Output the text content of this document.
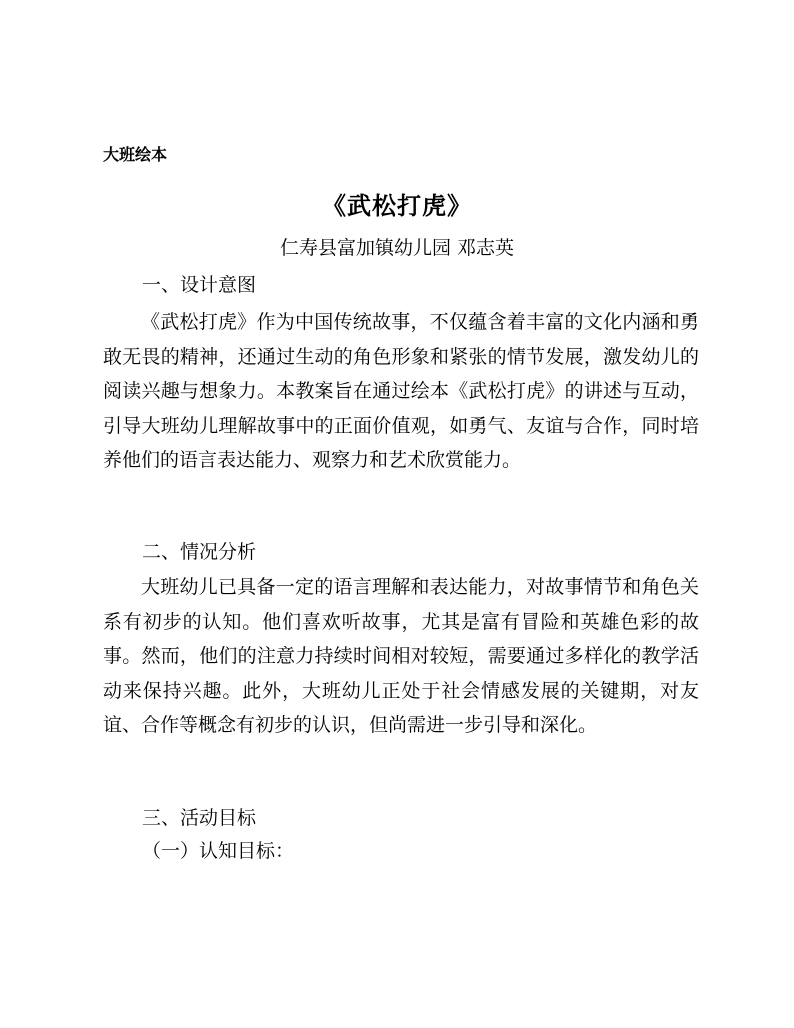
大班绘本
《武松打虎》
仁寿县富加镇幼儿园 邓志英
一、设计意图

《武松打虎》作为中国传统故事，不仅蕴含着丰富的文化内涵和勇敢无畏的精神，还通过生动的角色形象和紧张的情节发展，激发幼儿的阅读兴趣与想象力。本教案旨在通过绘本《武松打虎》的讲述与互动，引导大班幼儿理解故事中的正面价值观，如勇气、友谊与合作，同时培养他们的语言表达能力、观察力和艺术欣赏能力。

二、情况分析

大班幼儿已具备一定的语言理解和表达能力，对故事情节和角色关系有初步的认知。他们喜欢听故事，尤其是富有冒险和英雄色彩的故事。然而，他们的注意力持续时间相对较短，需要通过多样化的教学活动来保持兴趣。此外，大班幼儿正处于社会情感发展的关键期，对友谊、合作等概念有初步的认识，但尚需进一步引导和深化。

三、活动目标
（一）认知目标：
